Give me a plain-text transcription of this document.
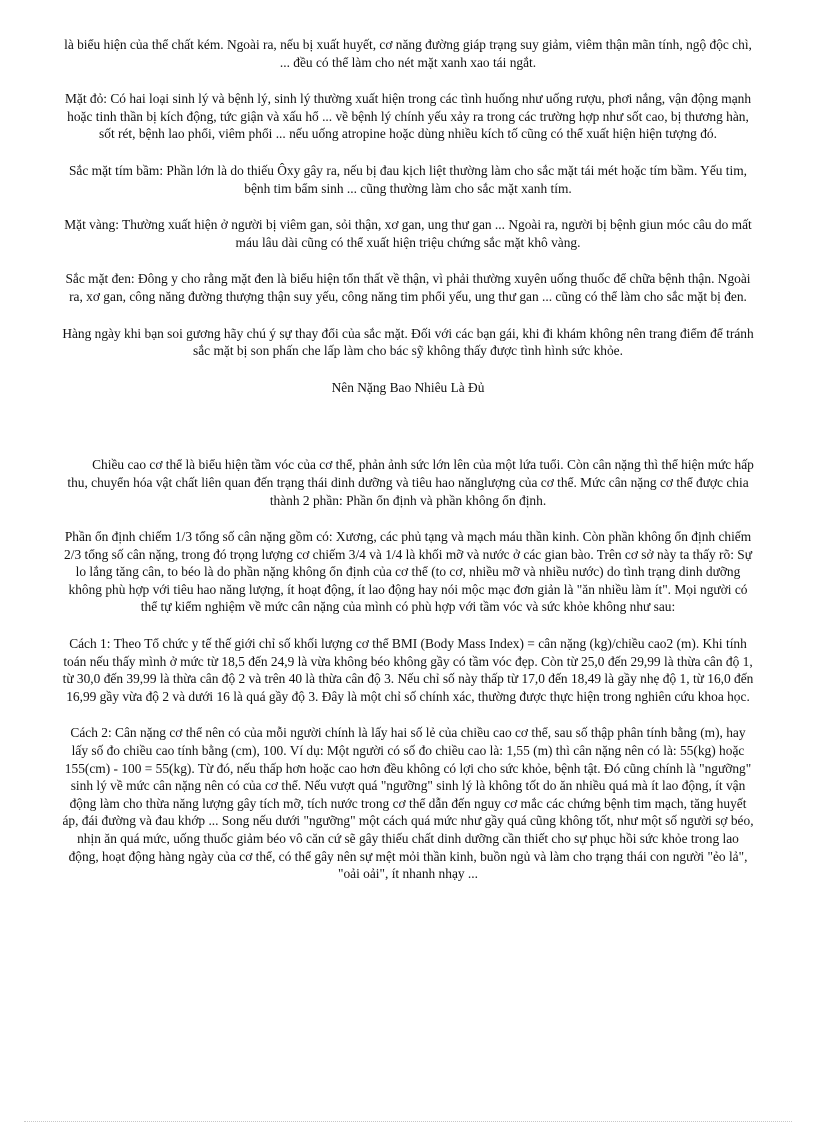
là biểu hiện của thể chất kém. Ngoài ra, nếu bị xuất huyết, cơ năng đường giáp trạng suy giảm, viêm thận mãn tính, ngộ độc chì, ... đều có thể làm cho nét mặt xanh xao tái ngắt.

Mặt đỏ: Có hai loại sinh lý và bệnh lý, sinh lý thường xuất hiện trong các tình huống như uống rượu, phơi nắng, vận động mạnh hoặc tinh thần bị kích động, tức giận và xấu hổ ... về bệnh lý chính yếu xảy ra trong các trường hợp như sốt cao, bị thương hàn, sốt rét, bệnh lao phổi, viêm phổi ... nếu uống atropine hoặc dùng nhiều kích tố cũng có thể xuất hiện hiện tượng đó.

Sắc mặt tím bầm: Phần lớn là do thiếu Ôxy gây ra, nếu bị đau kịch liệt thường làm cho sắc mặt tái mét hoặc tím bầm. Yếu tim, bệnh tim bẩm sinh ... cũng thường làm cho sắc mặt xanh tím.

Mặt vàng: Thường xuất hiện ở người bị viêm gan, sỏi thận, xơ gan, ung thư gan ... Ngoài ra, người bị bệnh giun móc câu do mất máu lâu dài cũng có thể xuất hiện triệu chứng sắc mặt khô vàng.

Sắc mặt đen: Đông y cho rằng mặt đen là biểu hiện tổn thất về thận, vì phải thường xuyên uống thuốc để chữa bệnh thận. Ngoài ra, xơ gan, công năng đường thượng thận suy yếu, công năng tim phổi yếu, ung thư gan ... cũng có thể làm cho sắc mặt bị đen.

Hàng ngày khi bạn soi gương hãy chú ý sự thay đổi của sắc mặt. Đối với các bạn gái, khi đi khám không nên trang điểm để tránh sắc mặt bị son phấn che lấp làm cho bác sỹ không thấy được tình hình sức khỏe.

Nên Nặng Bao Nhiêu Là Đủ

Chiều cao cơ thể là biểu hiện tầm vóc của cơ thể, phản ảnh sức lớn lên của một lứa tuổi. Còn cân nặng thì thể hiện mức hấp thu, chuyển hóa vật chất liên quan đến trạng thái dinh dưỡng và tiêu hao nănglượng của cơ thể. Mức cân nặng cơ thể được chia thành 2 phần: Phần ổn định và phần không ổn định.

Phần ổn định chiếm 1/3 tổng số cân nặng gồm có: Xương, các phủ tạng và mạch máu thần kinh. Còn phần không ổn định chiếm 2/3 tổng số cân nặng, trong đó trọng lượng cơ chiếm 3/4 và 1/4 là khối mỡ và nước ở các gian bào. Trên cơ sở này ta thấy rõ: Sự lo lắng tăng cân, to béo là do phần nặng không ổn định của cơ thể (to cơ, nhiều mỡ và nhiều nước) do tình trạng dinh dưỡng không phù hợp với tiêu hao năng lượng, ít hoạt động, ít lao động hay nói mộc mạc đơn giản là "ăn nhiều làm ít". Mọi người có thể tự kiểm nghiệm về mức cân nặng của mình có phù hợp với tầm vóc và sức khỏe không như sau:

Cách 1: Theo Tổ chức y tế thế giới chỉ số khối lượng cơ thể BMI (Body Mass Index) = cân nặng (kg)/chiều cao2 (m). Khi tính toán nếu thấy mình ở mức từ 18,5 đến 24,9 là vừa không béo không gầy có tầm vóc đẹp. Còn từ 25,0 đến 29,99 là thừa cân độ 1, từ 30,0 đến 39,99 là thừa cân độ 2 và trên 40 là thừa cân độ 3. Nếu chỉ số này thấp từ 17,0 đến 18,49 là gầy nhẹ độ 1, từ 16,0 đến 16,99 gầy vừa độ 2 và dưới 16 là quá gầy độ 3. Đây là một chỉ số chính xác, thường được thực hiện trong nghiên cứu khoa học.

Cách 2: Cân nặng cơ thể nên có của mỗi người chính là lấy hai số lẻ của chiều cao cơ thể, sau số thập phân tính bằng (m), hay lấy số đo chiều cao tính bằng (cm), 100. Ví dụ: Một người có số đo chiều cao là: 1,55 (m) thì cân nặng nên có là: 55(kg) hoặc 155(cm) - 100 = 55(kg). Từ đó, nếu thấp hơn hoặc cao hơn đều không có lợi cho sức khỏe, bệnh tật. Đó cũng chính là "ngưỡng" sinh lý về mức cân nặng nên có của cơ thể. Nếu vượt quá "ngưỡng" sinh lý là không tốt do ăn nhiều quá mà ít lao động, ít vận động làm cho thừa năng lượng gây tích mỡ, tích nước trong cơ thể dẫn đến nguy cơ mắc các chứng bệnh tim mạch, tăng huyết áp, đái đường và đau khớp ... Song nếu dưới "ngưỡng" một cách quá mức như gầy quá cũng không tốt, như một số người sợ béo, nhịn ăn quá mức, uống thuốc giảm béo vô căn cứ sẽ gây thiếu chất dinh dưỡng cần thiết cho sự phục hồi sức khỏe trong lao động, hoạt động hàng ngày của cơ thể, có thể gây nên sự mệt mỏi thần kinh, buồn ngủ và làm cho trạng thái con người "ẻo lả", "oải oải", ít nhanh nhạy ...
